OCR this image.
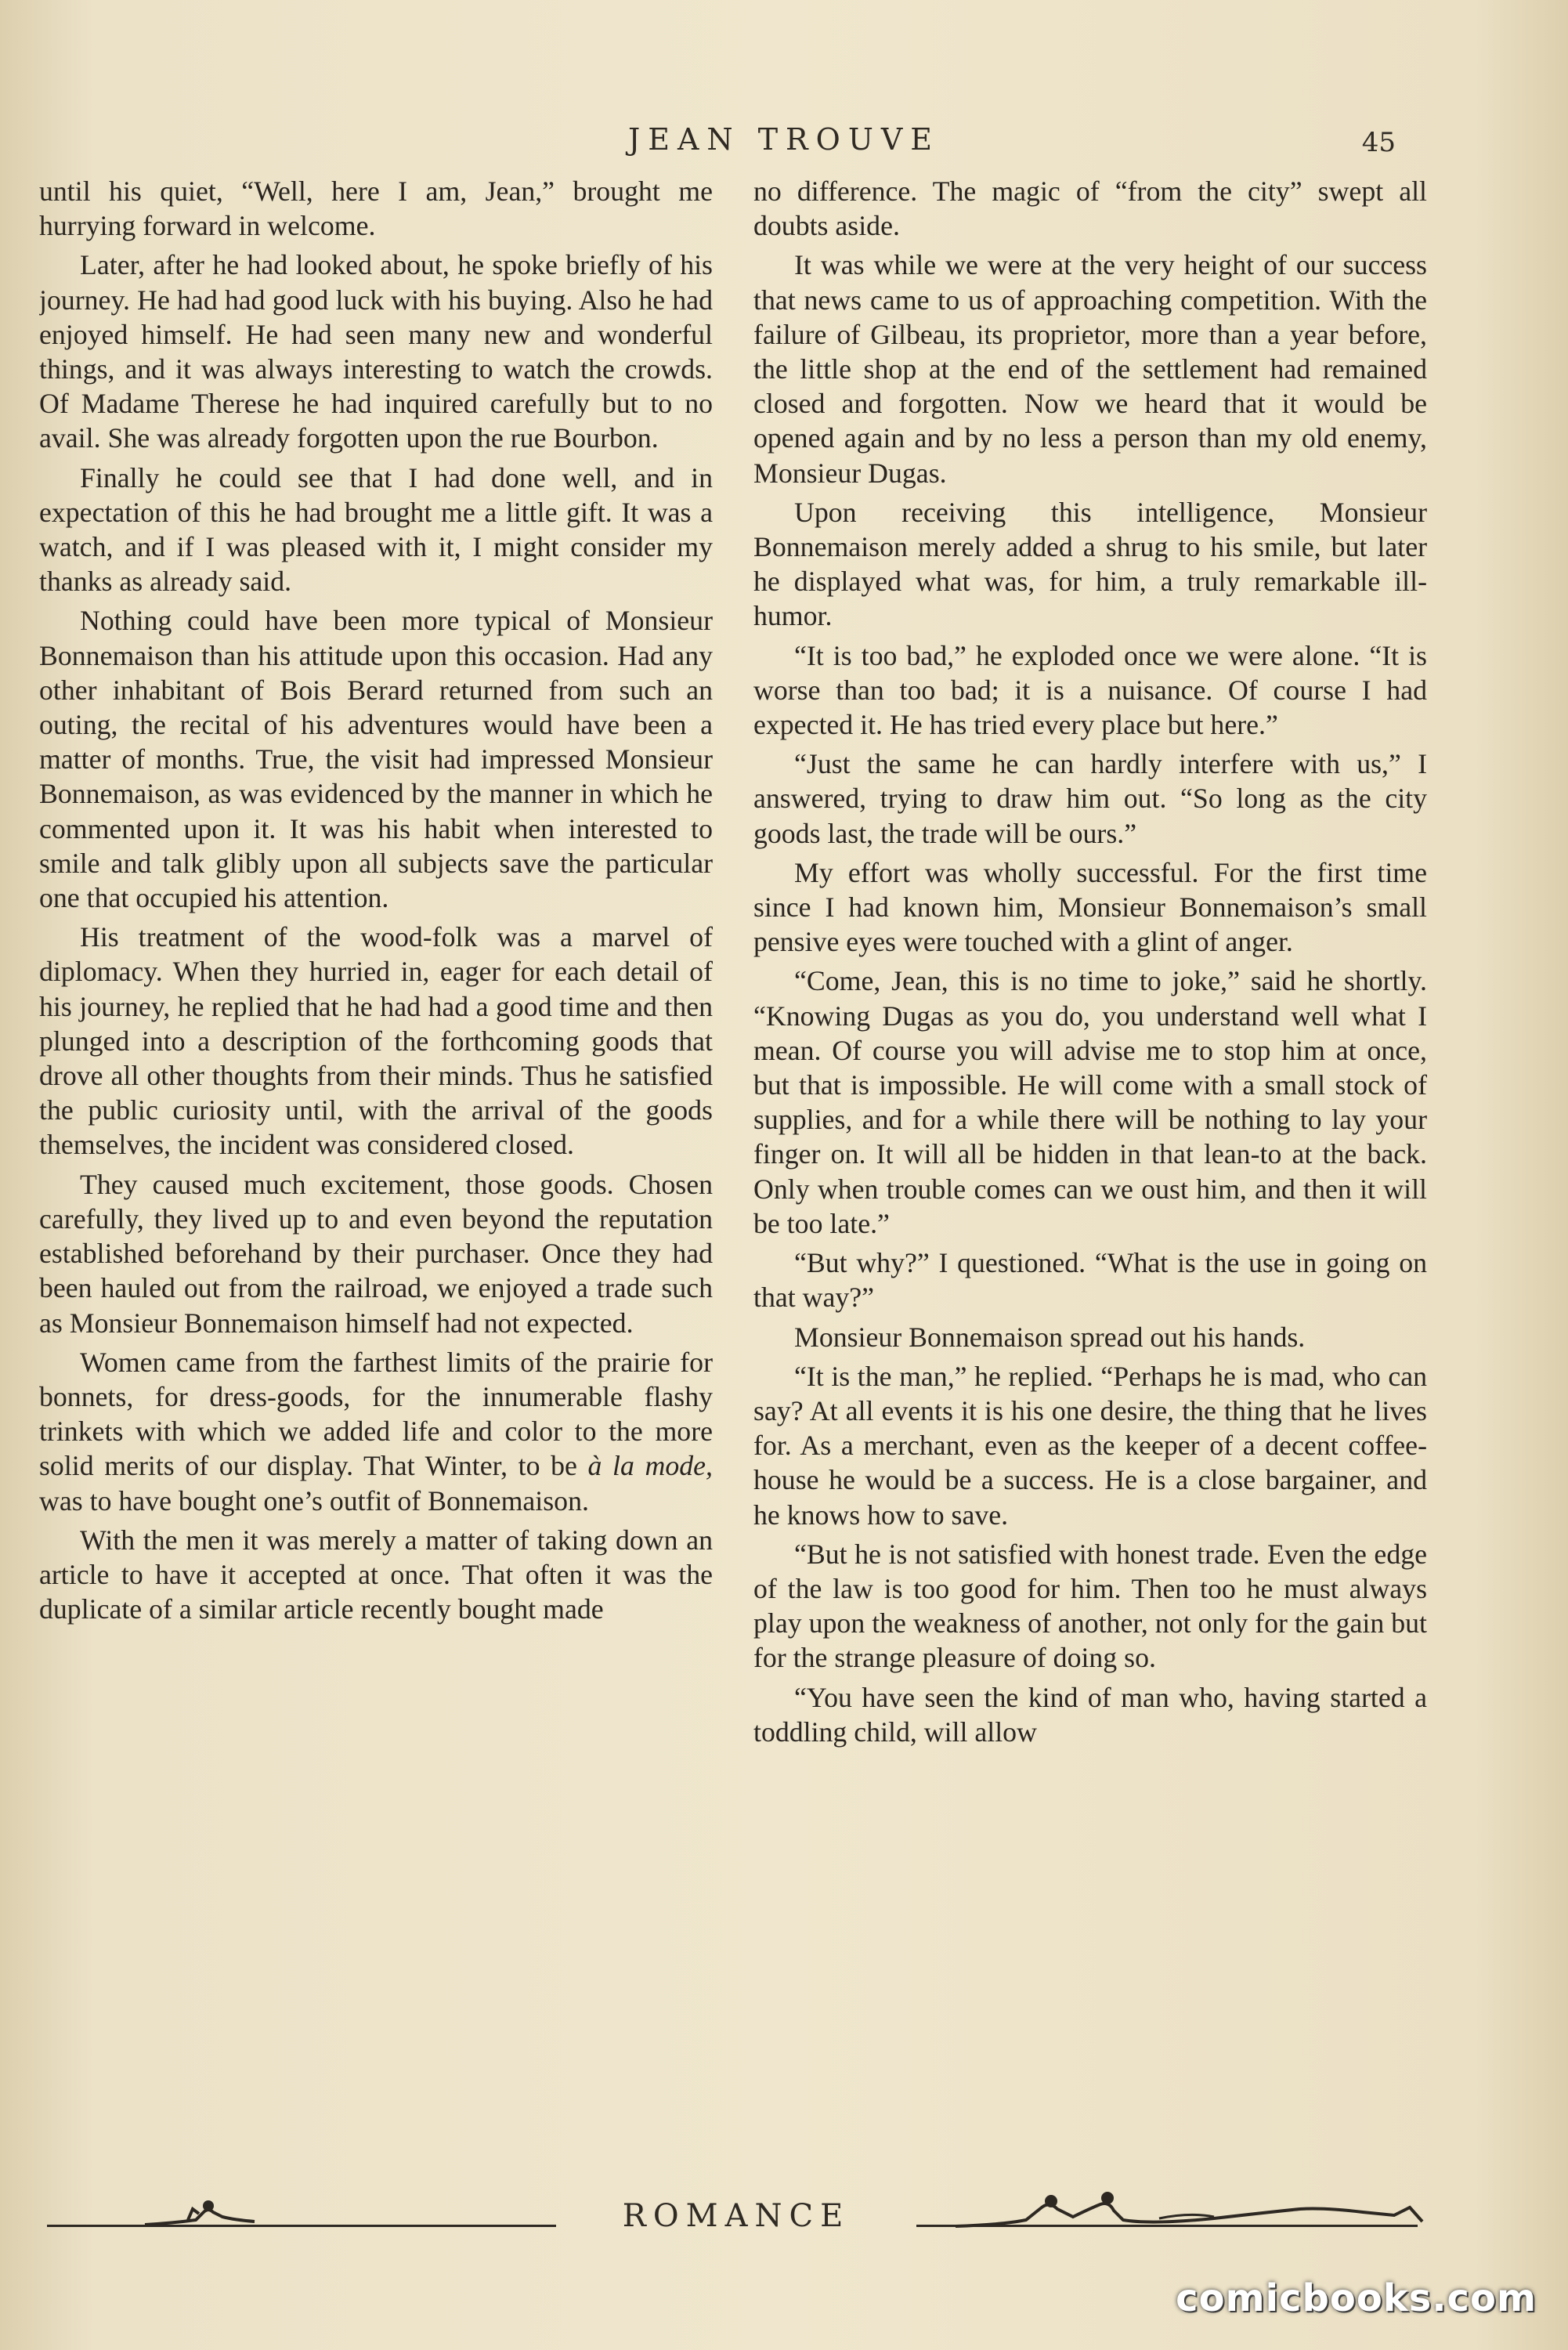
JEAN TROUVE	45

until his quiet, “Well, here I am, Jean,” brought me hurrying forward in welcome.

Later, after he had looked about, he spoke briefly of his journey. He had had good luck with his buying. Also he had enjoyed himself. He had seen many new and wonderful things, and it was always interesting to watch the crowds. Of Madame Therese he had inquired carefully but to no avail. She was already forgotten upon the rue Bourbon.

Finally he could see that I had done well, and in expectation of this he had brought me a little gift. It was a watch, and if I was pleased with it, I might consider my thanks as already said.

Nothing could have been more typical of Monsieur Bonnemaison than his attitude upon this occasion. Had any other inhabitant of Bois Berard returned from such an outing, the recital of his adventures would have been a matter of months. True, the visit had impressed Monsieur Bonnemaison, as was evidenced by the manner in which he commented upon it. It was his habit when interested to smile and talk glibly upon all subjects save the particular one that occupied his attention.

His treatment of the wood-folk was a marvel of diplomacy. When they hurried in, eager for each detail of his journey, he replied that he had had a good time and then plunged into a description of the forthcoming goods that drove all other thoughts from their minds. Thus he satisfied the public curiosity until, with the arrival of the goods themselves, the incident was considered closed.

They caused much excitement, those goods. Chosen carefully, they lived up to and even beyond the reputation established beforehand by their purchaser. Once they had been hauled out from the railroad, we enjoyed a trade such as Monsieur Bonnemaison himself had not expected.

Women came from the farthest limits of the prairie for bonnets, for dress-goods, for the innumerable flashy trinkets with which we added life and color to the more solid merits of our display. That Winter, to be à la mode, was to have bought one’s outfit of Bonnemaison.

With the men it was merely a matter of taking down an article to have it accepted at once. That often it was the duplicate of a similar article recently bought made

no difference. The magic of “from the city” swept all doubts aside.

It was while we were at the very height of our success that news came to us of approaching competition. With the failure of Gilbeau, its proprietor, more than a year before, the little shop at the end of the settlement had remained closed and forgotten. Now we heard that it would be opened again and by no less a person than my old enemy, Monsieur Dugas.

Upon receiving this intelligence, Monsieur Bonnemaison merely added a shrug to his smile, but later he displayed what was, for him, a truly remarkable ill-humor.

“It is too bad,” he exploded once we were alone. “It is worse than too bad; it is a nuisance. Of course I had expected it. He has tried every place but here.”

“Just the same he can hardly interfere with us,” I answered, trying to draw him out. “So long as the city goods last, the trade will be ours.”

My effort was wholly successful. For the first time since I had known him, Monsieur Bonnemaison’s small pensive eyes were touched with a glint of anger.

“Come, Jean, this is no time to joke,” said he shortly. “Knowing Dugas as you do, you understand well what I mean. Of course you will advise me to stop him at once, but that is impossible. He will come with a small stock of supplies, and for a while there will be nothing to lay your finger on. It will all be hidden in that lean-to at the back. Only when trouble comes can we oust him, and then it will be too late.”

“But why?” I questioned. “What is the use in going on that way?”

Monsieur Bonnemaison spread out his hands.

“It is the man,” he replied. “Perhaps he is mad, who can say? At all events it is his one desire, the thing that he lives for. As a merchant, even as the keeper of a decent coffee-house he would be a success. He is a close bargainer, and he knows how to save.

“But he is not satisfied with honest trade. Even the edge of the law is too good for him. Then too he must always play upon the weakness of another, not only for the gain but for the strange pleasure of doing so.

“You have seen the kind of man who, having started a toddling child, will allow

ROMANCE
comicbooks.com
